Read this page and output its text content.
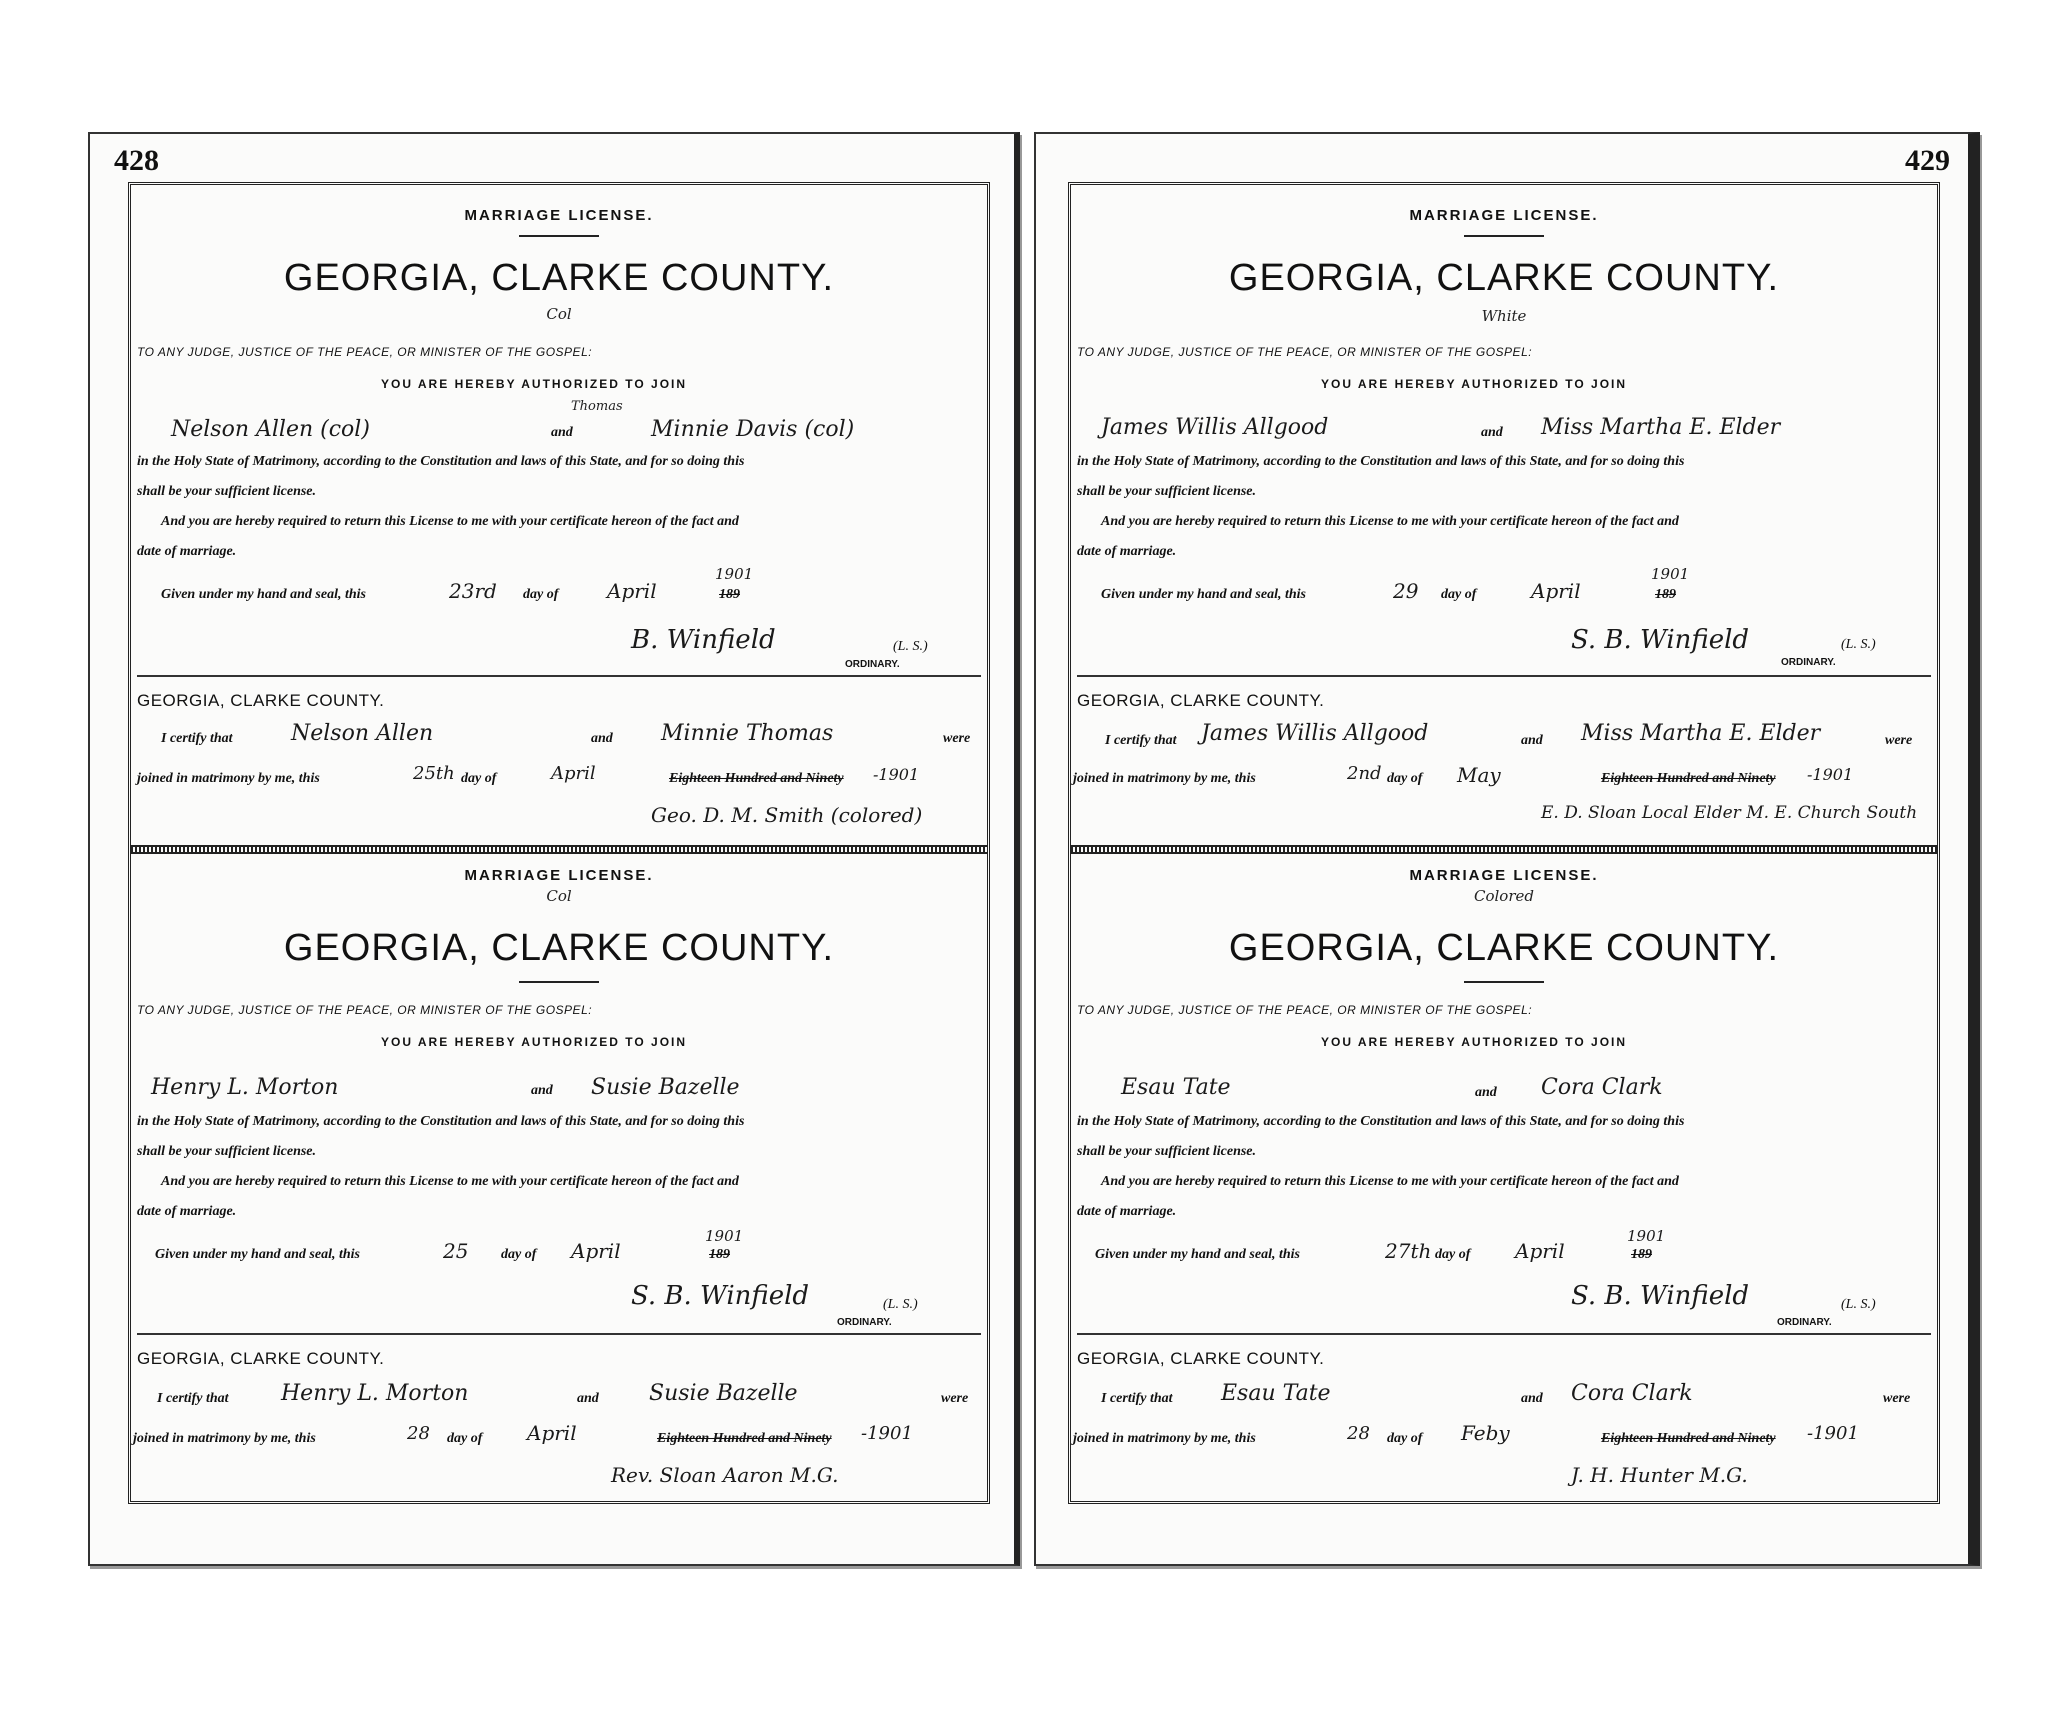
428
MARRIAGE LICENSE.
GEORGIA, CLARKE COUNTY.
Col
TO ANY JUDGE, JUSTICE OF THE PEACE, OR MINISTER OF THE GOSPEL:
YOU ARE HEREBY AUTHORIZED TO JOIN
Nelson Allen (col)	and	Minnie Davis (col)
Thomas
in the Holy State of Matrimony, according to the Constitution and laws of this State, and for so doing this
shall be your sufficient license.
And you are hereby required to return this License to me with your certificate hereon of the fact and
date of marriage.
Given under my hand and seal, this	23rd day of April
1901
189
B. Winfield	(L. S.)
ORDINARY.
GEORGIA, CLARKE COUNTY.
I certify that	Nelson Allen	and Minnie Thomas	were
joined in matrimony by me, this	25th day of	April	Eighteen Hundred and Ninety -1901
Geo. D. M. Smith (colored)
MARRIAGE LICENSE.
Col
GEORGIA, CLARKE COUNTY.
TO ANY JUDGE, JUSTICE OF THE PEACE, OR MINISTER OF THE GOSPEL:
YOU ARE HEREBY AUTHORIZED TO JOIN
Henry L. Morton	and Susie Bazelle
in the Holy State of Matrimony, according to the Constitution and laws of this State, and for so doing this
shall be your sufficient license.
And you are hereby required to return this License to me with your certificate hereon of the fact and
date of marriage.
Given under my hand and seal, this	25 day of April
1901
189
S. B. Winfield	(L. S.)
ORDINARY.
GEORGIA, CLARKE COUNTY.
I certify that Henry L. Morton	and Susie Bazelle	were
joined in matrimony by me, this	28 day of April	Eighteen Hundred and Ninety -1901
Rev. Sloan Aaron M.G.
429
MARRIAGE LICENSE.
GEORGIA, CLARKE COUNTY.
White
TO ANY JUDGE, JUSTICE OF THE PEACE, OR MINISTER OF THE GOSPEL:
YOU ARE HEREBY AUTHORIZED TO JOIN
James Willis Allgood	and Miss Martha E. Elder
in the Holy State of Matrimony, according to the Constitution and laws of this State, and for so doing this
shall be your sufficient license.
And you are hereby required to return this License to me with your certificate hereon of the fact and
date of marriage.
Given under my hand and seal, this	29 day of	April
1901
189
S. B. Winfield	(L. S.)
ORDINARY.
GEORGIA, CLARKE COUNTY.
I certify that James Willis Allgood	and Miss Martha E. Elder	were
joined in matrimony by me, this	2nd day of May	Eighteen Hundred and Ninety -1901
E. D. Sloan Local Elder M. E. Church South
MARRIAGE LICENSE.
Colored
GEORGIA, CLARKE COUNTY.
TO ANY JUDGE, JUSTICE OF THE PEACE, OR MINISTER OF THE GOSPEL:
YOU ARE HEREBY AUTHORIZED TO JOIN
Esau Tate	and Cora Clark
in the Holy State of Matrimony, according to the Constitution and laws of this State, and for so doing this
shall be your sufficient license.
And you are hereby required to return this License to me with your certificate hereon of the fact and
date of marriage.
Given under my hand and seal, this	27th day of April
1901
189
S. B. Winfield	(L. S.)
ORDINARY.
GEORGIA, CLARKE COUNTY.
I certify that Esau Tate	and Cora Clark	were
joined in matrimony by me, this	28 day of Feby	Eighteen Hundred and Ninety -1901
J. H. Hunter M.G.
